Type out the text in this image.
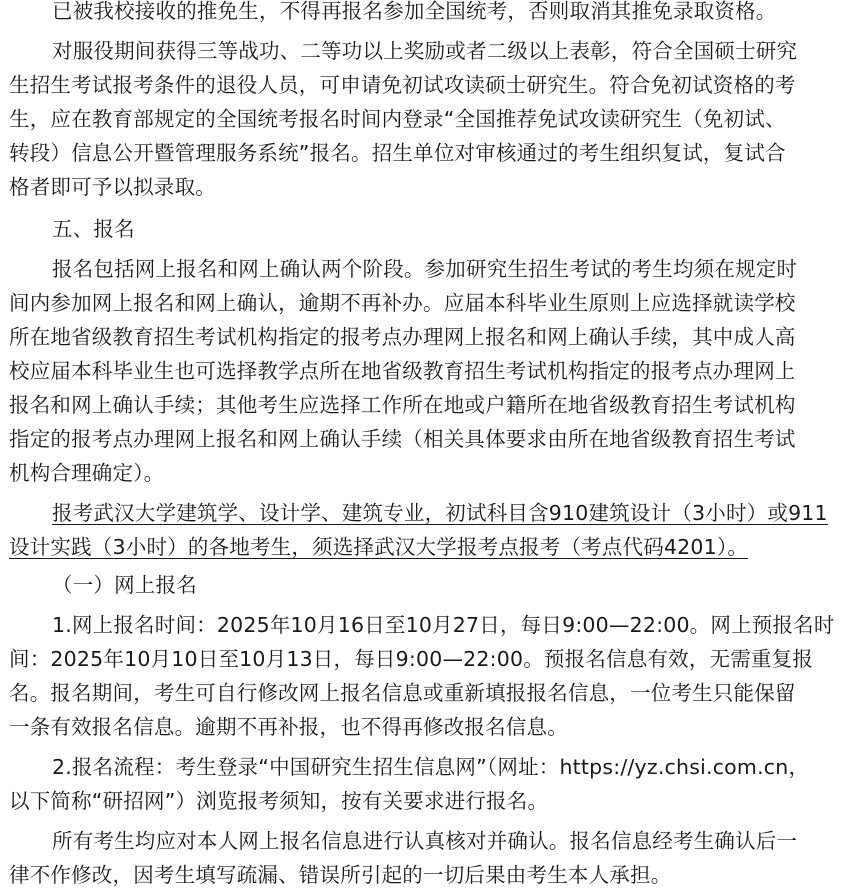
已被我校接收的推免生，不得再报名参加全国统考，否则取消其推免录取资格。
对服役期间获得三等战功、二等功以上奖励或者二级以上表彰，符合全国硕士研究
生招生考试报考条件的退役人员，可申请免初试攻读硕士研究生。符合免初试资格的考
生，应在教育部规定的全国统考报名时间内登录“全国推荐免试攻读研究生（免初试、
转段）信息公开暨管理服务系统”报名。招生单位对审核通过的考生组织复试，复试合
格者即可予以拟录取。
五、报名
报名包括网上报名和网上确认两个阶段。参加研究生招生考试的考生均须在规定时
间内参加网上报名和网上确认，逾期不再补办。应届本科毕业生原则上应选择就读学校
所在地省级教育招生考试机构指定的报考点办理网上报名和网上确认手续，其中成人高
校应届本科毕业生也可选择教学点所在地省级教育招生考试机构指定的报考点办理网上
报名和网上确认手续；其他考生应选择工作所在地或户籍所在地省级教育招生考试机构
指定的报考点办理网上报名和网上确认手续（相关具体要求由所在地省级教育招生考试
机构合理确定）。
报考武汉大学建筑学、设计学、建筑专业，初试科目含910建筑设计（3小时）或911
设计实践（3小时）的各地考生，须选择武汉大学报考点报考（考点代码4201）。
（一）网上报名
1.网上报名时间：2025年10月16日至10月27日，每日9:00—22:00。网上预报名时
间：2025年10月10日至10月13日，每日9:00—22:00。预报名信息有效，无需重复报
名。报名期间，考生可自行修改网上报名信息或重新填报报名信息，一位考生只能保留
一条有效报名信息。逾期不再补报，也不得再修改报名信息。
2.报名流程：考生登录“中国研究生招生信息网”（网址：https://yz.chsi.com.cn，
以下简称“研招网”）浏览报考须知，按有关要求进行报名。
所有考生均应对本人网上报名信息进行认真核对并确认。报名信息经考生确认后一
律不作修改，因考生填写疏漏、错误所引起的一切后果由考生本人承担。
